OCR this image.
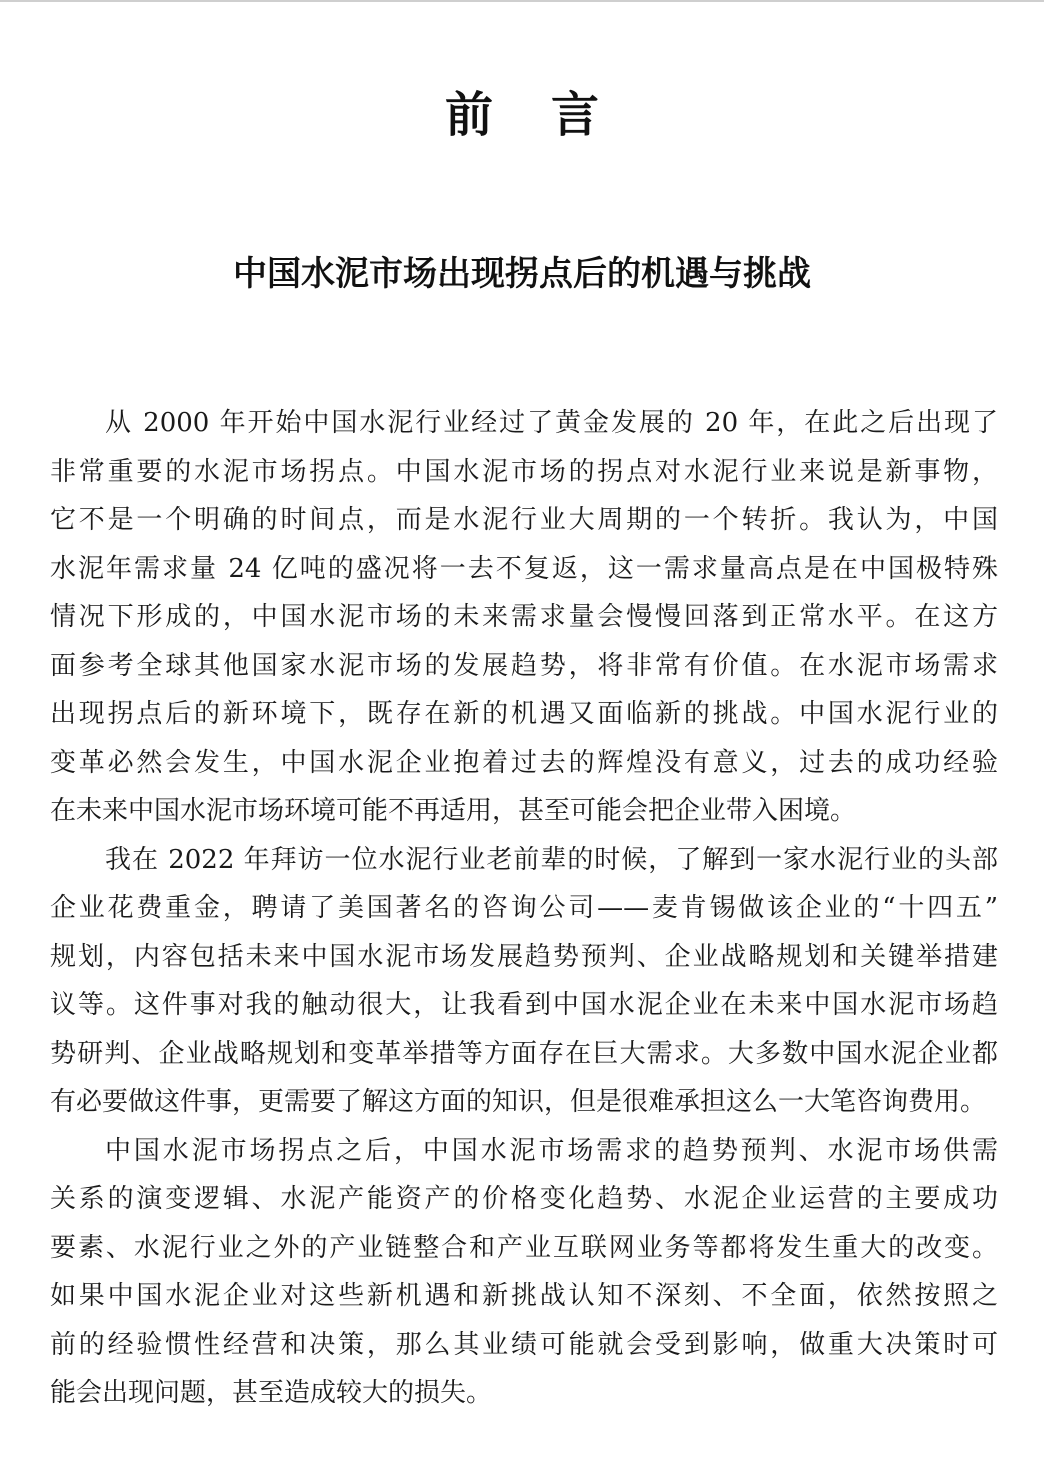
前言
中国水泥市场出现拐点后的机遇与挑战
从 2000 年开始中国水泥行业经过了黄金发展的 20 年，在此之后出现了
非常重要的水泥市场拐点。中国水泥市场的拐点对水泥行业来说是新事物，
它不是一个明确的时间点，而是水泥行业大周期的一个转折。我认为，中国
水泥年需求量 24 亿吨的盛况将一去不复返，这一需求量高点是在中国极特殊
情况下形成的，中国水泥市场的未来需求量会慢慢回落到正常水平。在这方
面参考全球其他国家水泥市场的发展趋势，将非常有价值。在水泥市场需求
出现拐点后的新环境下，既存在新的机遇又面临新的挑战。中国水泥行业的
变革必然会发生，中国水泥企业抱着过去的辉煌没有意义，过去的成功经验
在未来中国水泥市场环境可能不再适用，甚至可能会把企业带入困境。
我在 2022 年拜访一位水泥行业老前辈的时候，了解到一家水泥行业的头部
企业花费重金，聘请了美国著名的咨询公司——麦肯锡做该企业的“十四五”
规划，内容包括未来中国水泥市场发展趋势预判、企业战略规划和关键举措建
议等。这件事对我的触动很大，让我看到中国水泥企业在未来中国水泥市场趋
势研判、企业战略规划和变革举措等方面存在巨大需求。大多数中国水泥企业都
有必要做这件事，更需要了解这方面的知识，但是很难承担这么一大笔咨询费用。
中国水泥市场拐点之后，中国水泥市场需求的趋势预判、水泥市场供需
关系的演变逻辑、水泥产能资产的价格变化趋势、水泥企业运营的主要成功
要素、水泥行业之外的产业链整合和产业互联网业务等都将发生重大的改变。
如果中国水泥企业对这些新机遇和新挑战认知不深刻、不全面，依然按照之
前的经验惯性经营和决策，那么其业绩可能就会受到影响，做重大决策时可
能会出现问题，甚至造成较大的损失。
